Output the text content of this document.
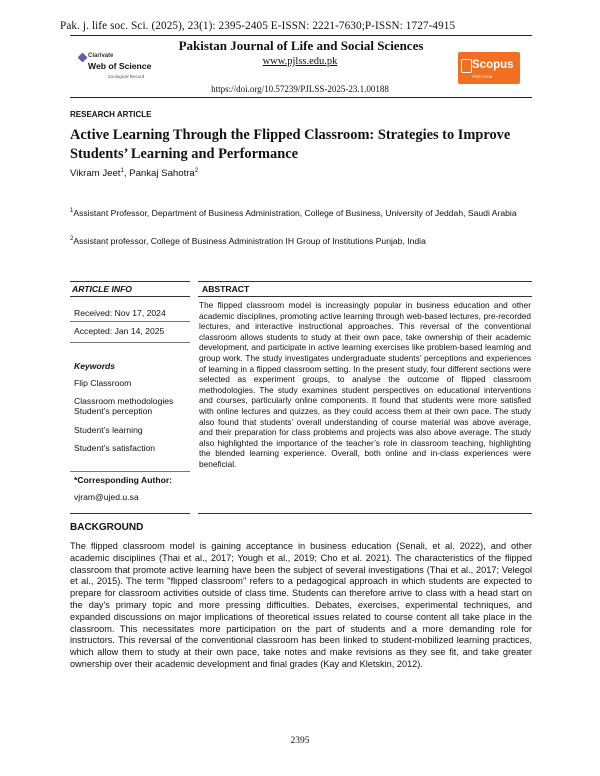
Pak. j. life soc. Sci. (2025), 23(1): 2395-2405 E-ISSN: 2221-7630;P-ISSN: 1727-4915
Clarivate
Web of Science
Zoological Record
Pakistan Journal of Life and Social Sciences
www.pjlss.edu.pk	Scopus
PREVIEW
https://doi.org/10.57239/PJLSS-2025-23.1.00188
RESEARCH ARTICLE
Active Learning Through the Flipped Classroom: Strategies to Improve Students’ Learning and Performance
Vikram Jeet$^1$, Pankaj Sahotra$^2$
$^1$Assistant Professor, Department of Business Administration, College of Business, University of Jeddah, Saudi Arabia
$^2$Assistant professor, College of Business Administration IH Group of Institutions Punjab, India
ARTICLE INFO	ABSTRACT
Received: Nov 17, 2024
Accepted: Jan 14, 2025
Keywords
Flip Classroom
Classroom methodologies
Student’s perception
Student’s learning
Student’s satisfaction
*Corresponding Author:
vjram@ujed.u.sa
The flipped classroom model is increasingly popular in business education and other academic disciplines, promoting active learning through web-based lectures, pre-recorded lectures, and interactive instructional approaches. This reversal of the conventional classroom allows students to study at their own pace, take ownership of their academic development, and participate in active learning exercises like problem-based learning and group work. The study investigates undergraduate students’ perceptions and experiences of learning in a flipped classroom setting. In the present study, four different sections were selected as experiment groups, to analyse the outcome of flipped classroom methodologies. The study examines student perspectives on educational interventions and courses, particularly online components. It found that students were more satisfied with online lectures and quizzes, as they could access them at their own pace. The study also found that students’ overall understanding of course material was above average, and their preparation for class problems and projects was also above average. The study also highlighted the importance of the teacher’s role in classroom teaching, highlighting the blended learning experience. Overall, both online and in-class experiences were beneficial.
BACKGROUND
The flipped classroom model is gaining acceptance in business education (Senali, et al. 2022), and other academic disciplines (Thai et al., 2017; Yough et al., 2019; Cho et al. 2021). The characteristics of the flipped classroom that promote active learning have been the subject of several investigations (Thai et al., 2017; Velegol et al., 2015). The term "flipped classroom" refers to a pedagogical approach in which students are expected to prepare for classroom activities outside of class time. Students can therefore arrive to class with a head start on the day's primary topic and more pressing difficulties. Debates, exercises, experimental techniques, and expanded discussions on major implications of theoretical issues related to course content all take place in the classroom. This necessitates more participation on the part of students and a more demanding role for instructors. This reversal of the conventional classroom has been linked to student-mobilized learning practices, which allow them to study at their own pace, take notes and make revisions as they see fit, and take greater ownership over their academic development and final grades (Kay and Kletskin, 2012).
2395
